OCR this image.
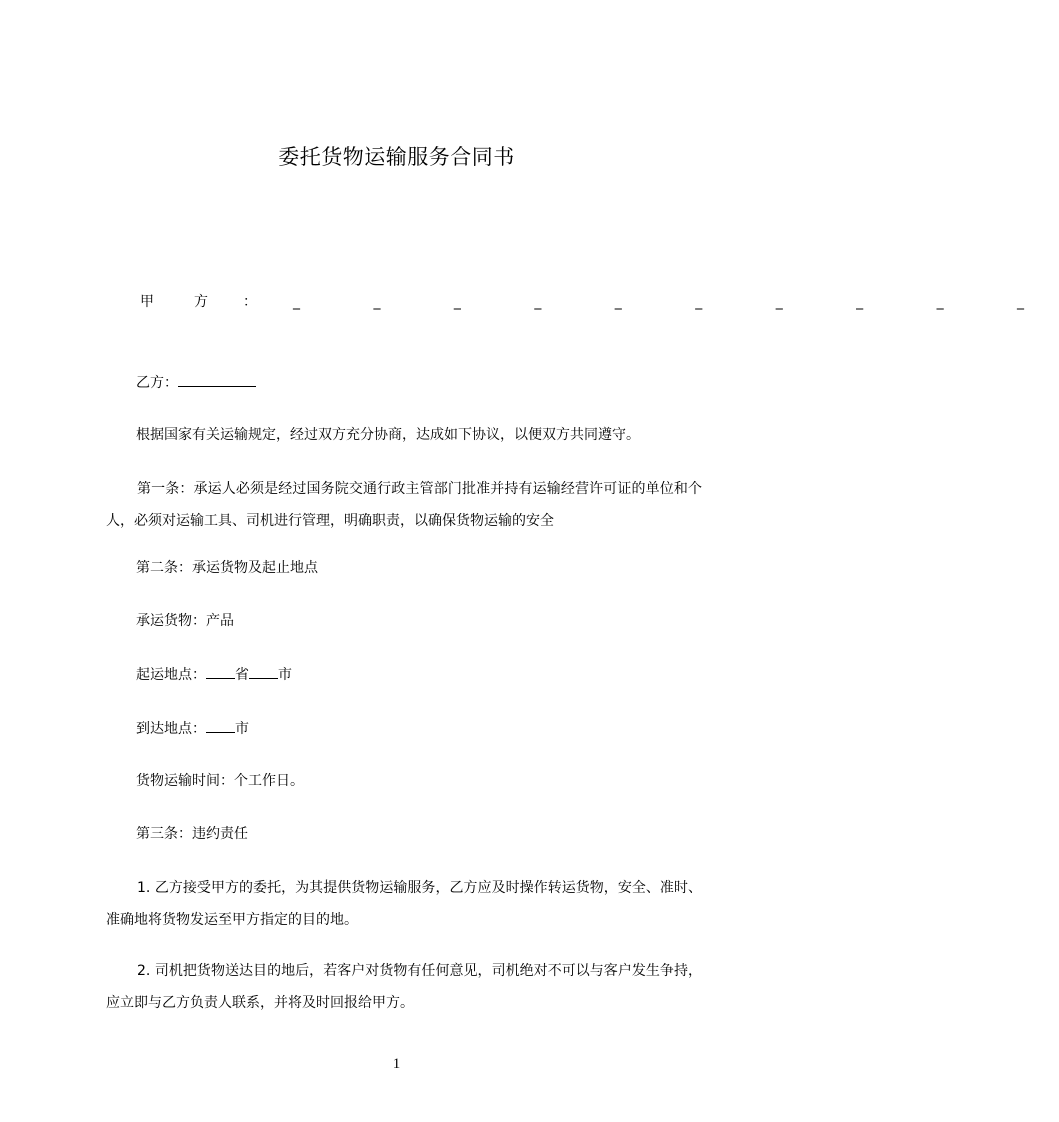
委托货物运输服务合同书
甲	方	：	_ _ _ _ _ _ _ _ _ _
乙方：
根据国家有关运输规定，经过双方充分协商，达成如下协议，以便双方共同遵守。
第一条：承运人必须是经过国务院交通行政主管部门批准并持有运输经营许可证的单位和个人，必须对运输工具、司机进行管理，明确职责，以确保货物运输的安全
第二条：承运货物及起止地点
承运货物：产品
起运地点： 省 市
到达地点： 市
货物运输时间：个工作日。
第三条：违约责任
1. 乙方接受甲方的委托，为其提供货物运输服务，乙方应及时操作转运货物，安全、准时、准确地将货物发运至甲方指定的目的地。
2. 司机把货物送达目的地后，若客户对货物有任何意见，司机绝对不可以与客户发生争持，应立即与乙方负责人联系，并将及时回报给甲方。
1
